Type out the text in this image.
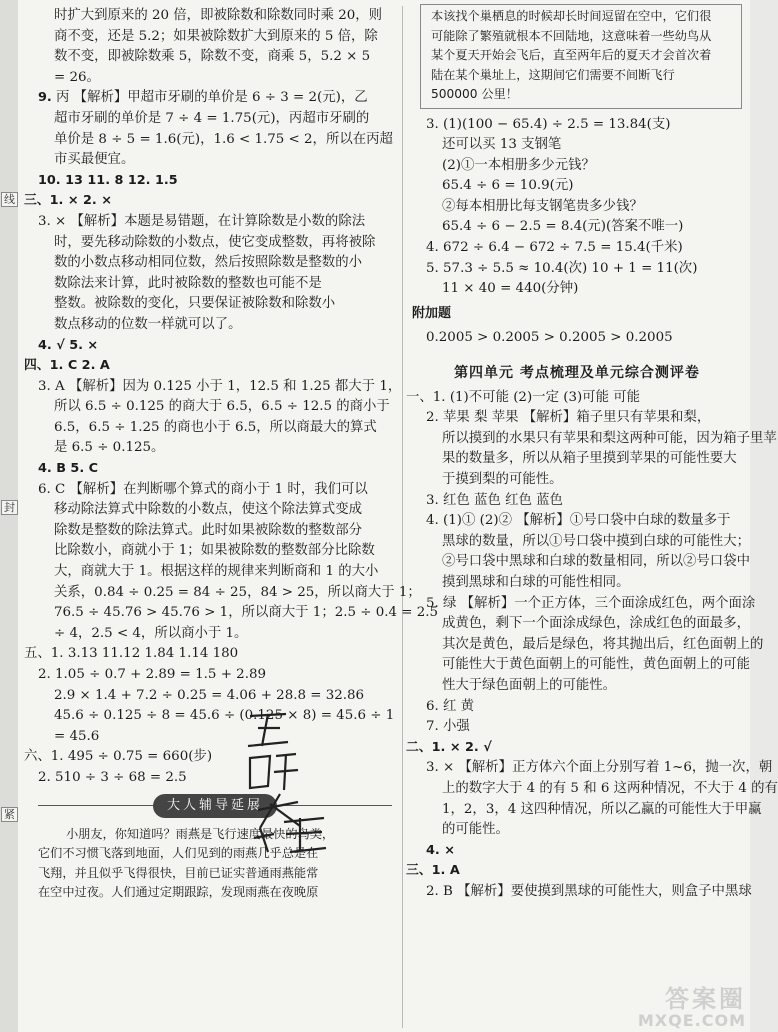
线
封
紧
时扩大到原来的 20 倍，即被除数和除数同时乘 20，则
商不变，还是 5.2；如果被除数扩大到原来的 5 倍，除
数不变，即被除数乘 5，除数不变，商乘 5，5.2 × 5
= 26。
9. 丙 【解析】甲超市牙刷的单价是 6 ÷ 3 = 2(元)，乙
超市牙刷的单价是 7 ÷ 4 = 1.75(元)，丙超市牙刷的
单价是 8 ÷ 5 = 1.6(元)，1.6 < 1.75 < 2，所以在丙超
市买最便宜。
10. 13 11. 8 12. 1.5
三、1. × 2. ×
3. × 【解析】本题是易错题，在计算除数是小数的除法
时，要先移动除数的小数点，使它变成整数，再将被除
数的小数点移动相同位数，然后按照除数是整数的小
数除法来计算，此时被除数的整数也可能不是
整数。被除数的变化，只要保证被除数和除数小
数点移动的位数一样就可以了。
4. √ 5. ×
四、1. C 2. A
3. A 【解析】因为 0.125 小于 1，12.5 和 1.25 都大于 1，
所以 6.5 ÷ 0.125 的商大于 6.5，6.5 ÷ 12.5 的商小于
6.5，6.5 ÷ 1.25 的商也小于 6.5，所以商最大的算式
是 6.5 ÷ 0.125。
4. B 5. C
6. C 【解析】在判断哪个算式的商小于 1 时，我们可以
移动除法算式中除数的小数点，使这个除法算式变成
除数是整数的除法算式。此时如果被除数的整数部分
比除数小，商就小于 1；如果被除数的整数部分比除数
大，商就大于 1。根据这样的规律来判断商和 1 的大小
关系，0.84 ÷ 0.25 = 84 ÷ 25，84 > 25，所以商大于 1；
76.5 ÷ 45.76 > 45.76 > 1，所以商大于 1；2.5 ÷ 0.4 = 2.5
÷ 4，2.5 < 4，所以商小于 1。
五、1. 3.13 11.12 1.84 1.14 180
2. 1.05 ÷ 0.7 + 2.89 = 1.5 + 2.89
2.9 × 1.4 + 7.2 ÷ 0.25 = 4.06 + 28.8 = 32.86
45.6 ÷ 0.125 ÷ 8 = 45.6 ÷ (0.125 × 8) = 45.6 ÷ 1
= 45.6
六、1. 495 ÷ 0.75 = 660(步)
2. 510 ÷ 3 ÷ 68 = 2.5
大人辅导延展
小朋友，你知道吗？雨燕是飞行速度最快的鸟类，
它们不习惯飞落到地面，人们见到的雨燕几乎总是在
飞翔，并且似乎飞得很快，目前已证实普通雨燕能常
在空中过夜。人们通过定期跟踪，发现雨燕在夜晚原
本该找个巢栖息的时候却长时间逗留在空中，它们很
可能除了繁殖就根本不回陆地，这意味着一些幼鸟从
某个夏天开始会飞后，直至两年后的夏天才会首次着
陆在某个巢址上，这期间它们需要不间断飞行
500000 公里！
3. (1)(100 − 65.4) ÷ 2.5 = 13.84(支)
还可以买 13 支钢笔
(2)①一本相册多少元钱？
65.4 ÷ 6 = 10.9(元)
②每本相册比每支钢笔贵多少钱？
65.4 ÷ 6 − 2.5 = 8.4(元)(答案不唯一)
4. 672 ÷ 6.4 − 672 ÷ 7.5 = 15.4(千米)
5. 57.3 ÷ 5.5 ≈ 10.4(次) 10 + 1 = 11(次)
11 × 40 = 440(分钟)
附加题
0.2005 > 0.2005 > 0.2005 > 0.2005
第四单元 考点梳理及单元综合测评卷
一、1. (1)不可能 (2)一定 (3)可能 可能
2. 苹果 梨 苹果 【解析】箱子里只有苹果和梨，
所以摸到的水果只有苹果和梨这两种可能，因为箱子里苹
果的数量多，所以从箱子里摸到苹果的可能性要大
于摸到梨的可能性。
3. 红色 蓝色 红色 蓝色
4. (1)① (2)② 【解析】①号口袋中白球的数量多于
黑球的数量，所以①号口袋中摸到白球的可能性大；
②号口袋中黑球和白球的数量相同，所以②号口袋中
摸到黑球和白球的可能性相同。
5. 绿 【解析】一个正方体，三个面涂成红色，两个面涂
成黄色，剩下一个面涂成绿色，涂成红色的面最多，
其次是黄色，最后是绿色，将其抛出后，红色面朝上的
可能性大于黄色面朝上的可能性，黄色面朝上的可能
性大于绿色面朝上的可能性。
6. 红 黄
7. 小强
二、1. × 2. √
3. × 【解析】正方体六个面上分别写着 1~6，抛一次，朝
上的数字大于 4 的有 5 和 6 这两种情况，不大于 4 的有
1，2，3，4 这四种情况，所以乙赢的可能性大于甲赢
的可能性。
4. ×
三、1. A
2. B 【解析】要使摸到黑球的可能性大，则盒子中黑球
答案圈
MXQE.COM
